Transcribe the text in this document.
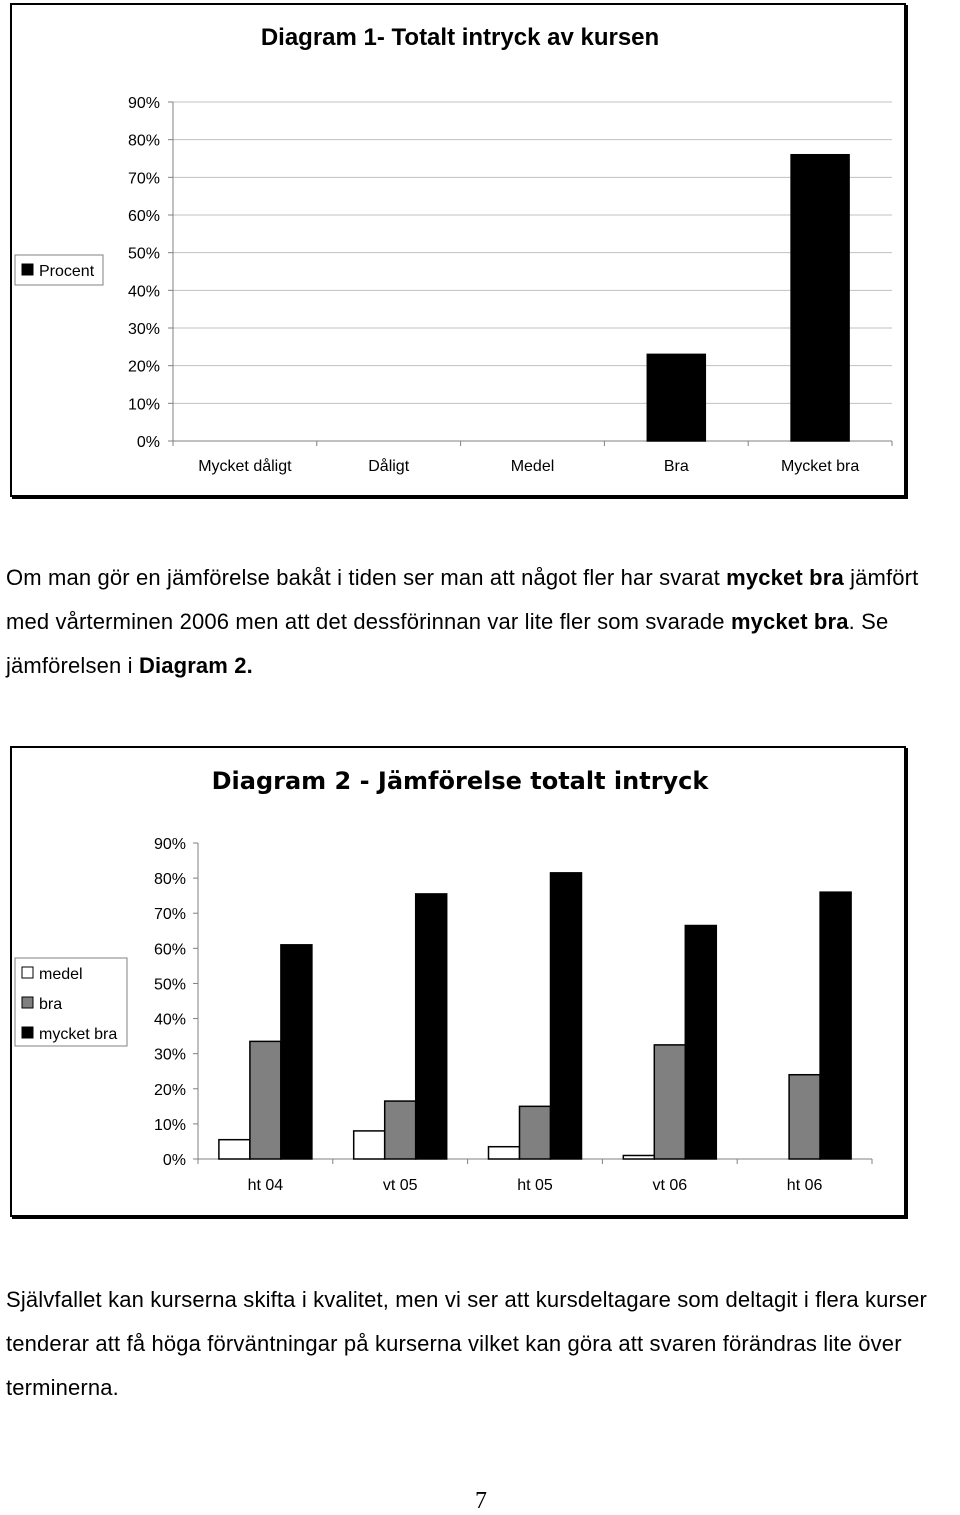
Diagram 1- Totalt intryck av kursen
0%
10%
20%
30%
40%
50%
60%
70%
80%
90%
Mycket dåligt	Dåligt	Medel	Bra	Mycket bra
Procent

Om man gör en jämförelse bakåt i tiden ser man att något fler har svarat mycket bra jämfört med vårterminen 2006 men att det dessförinnan var lite fler som svarade mycket bra. Se jämförelsen i Diagram 2.

Diagram 2 - Jämförelse totalt intryck
0%
10%
20%
30%
40%
50%
60%
70%
80%
90%
ht 04	vt 05	ht 05	vt 06	ht 06
medel
bra
mycket bra

Självfallet kan kurserna skifta i kvalitet, men vi ser att kursdeltagare som deltagit i flera kurser tenderar att få höga förväntningar på kurserna vilket kan göra att svaren förändras lite över terminerna.

7
